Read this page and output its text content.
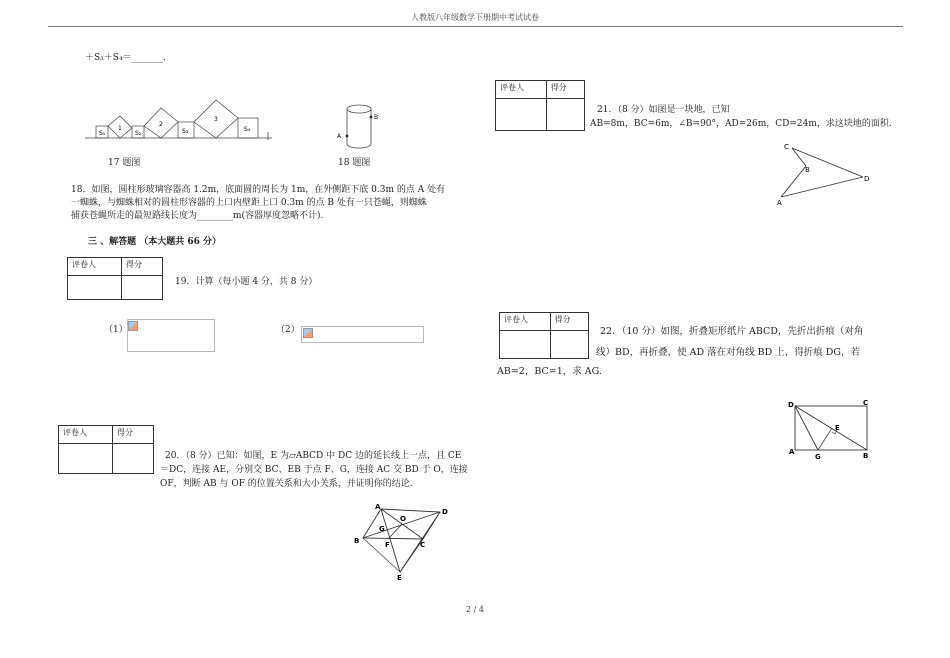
人教版八年级数学下册期中考试试卷
＋S₃＋S₄＝_______．
S₁
1
S₂
2
S₃
3
S₄
17 题图
A
B
18 题图
18．如图，圆柱形玻璃容器高 1.2m，底面圆的周长为 1m，在外侧距下底 0.3m 的点 A 处有
一蜘蛛，与蜘蛛相对的圆柱形容器的上口内壁距上口 0.3m 的点 B 处有一只苍蝇，则蜘蛛
捕获苍蝇所走的最短路线长度为________m(容器厚度忽略不计).
三 、解答题 （本大题共 66 分）
评卷人	得分

19．计算（每小题 4 分，共 8 分）
（1）	（2）
评卷人	得分

20．（8 分）已知：如图，E 为▱ABCD 中 DC 边的延长线上一点，且 CE
＝DC，连接 AE，分别交 BC、EB 于点 F、G，连接 AC 交 BD 于 O，连接
OF，判断 AB 与 OF 的位置关系和大小关系，并证明你的结论.
A
D
O
G
B	F	C
E
评卷人	得分

21．（8 分）如图是一块地，已知
AB=8m，BC=6m，∠B=90°，AD=26m，CD=24m，求这块地的面积.
C
B
D
A
评卷人	得分

22．（10 分）如图，折叠矩形纸片 ABCD，先折出折痕（对角
线）BD，再折叠，使 AD 落在对角线 BD 上，得折痕 DG，若
AB=2，BC=1，求 AG.
D	C
E
A
G	B
2 / 4
